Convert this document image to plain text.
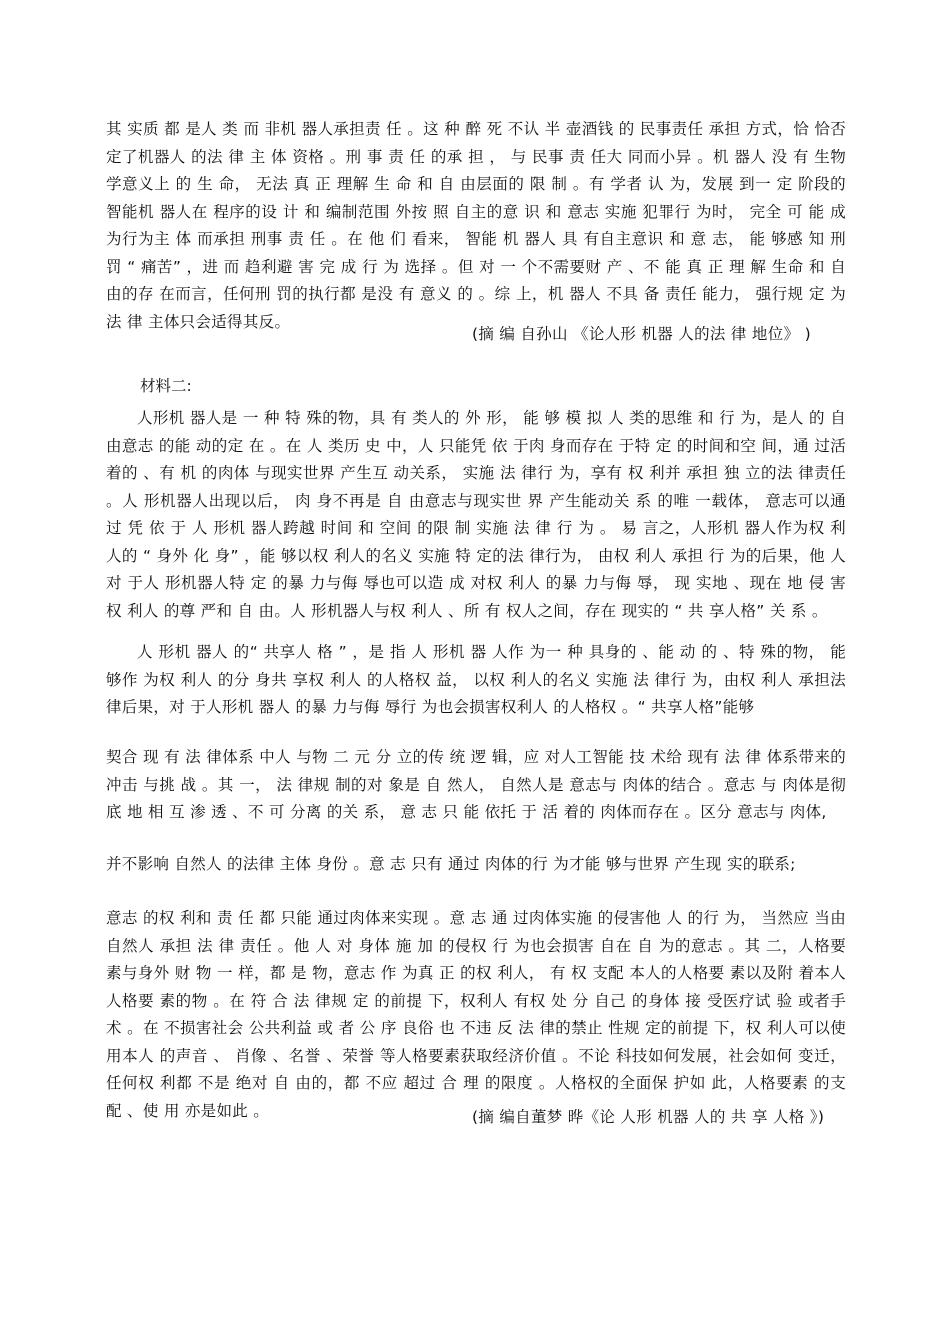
其 实质 都 是人 类 而 非机 器人承担责 任 。这 种 醉 死 不认 半 壶酒钱 的 民事责任 承担 方式，恰 恰否定了机器人 的法 律 主 体 资格 。刑 事 责 任 的承 担 ， 与 民事 责 任大 同而小异 。机 器人 没 有 生物学意义上 的 生 命， 无法 真 正 理解 生 命 和 自 由层面的 限 制 。有 学者 认 为，发展 到一 定 阶段的智能机 器人在 程序的设 计 和 编制范围 外按 照 自主的意 识 和 意志 实施 犯罪行 为时， 完全 可 能 成 为行为主 体 而承担 刑事 责 任 。在 他 们 看来， 智能 机 器人 具 有自主意识 和 意 志， 能 够感 知 刑罚 “ 痛苦” ，进 而 趋利避 害 完 成 行 为 选择 。但 对 一 个不需要财 产 、不 能 真 正 理 解 生命 和 自 由的存 在而言，任何刑 罚的执行都 是没 有 意义 的 。综 上，机 器人 不具 备 责任 能力， 强行规 定 为法 律 主体只会适得其反。
(摘 编 自孙山 《论人形 机器 人的法 律 地位》 )
材料二:
人形机 器人是 一 种 特 殊的物，具 有 类人的 外 形， 能 够 模 拟 人 类的思维 和 行 为，是人 的 自由意志 的能 动的定 在 。在 人 类历 史 中，人 只能凭 依 于肉 身而存在 于特 定 的时间和空 间，通 过活着的 、有 机 的肉体 与现实世界 产生互 动关系， 实施 法 律行 为，享有 权 利并 承担 独 立的法 律责任 。人 形机器人出现以后， 肉 身不再是 自 由意志与现实世 界 产生能动关 系 的唯 一载体， 意志可以通 过 凭 依 于 人 形机 器人跨越 时间 和 空间 的限 制 实施 法 律 行 为 。 易 言之，人形机 器人作为权 利人的 “ 身外 化 身” ，能 够以权 利人的名义 实施 特 定的法 律行为， 由权 利人 承担 行 为的后果，他 人对 于人 形机器人特 定 的暴 力与侮 辱也可以造 成 对权 利人 的暴 力与侮 辱， 现 实地 、现在 地 侵 害权 利人 的尊 严和 自 由。人 形机器人与权 利人 、所 有 权人之间，存在 现实的 “ 共 享人格” 关 系 。
人 形机 器人 的“ 共享人 格 ” ，是 指 人 形机 器 人作 为一 种 具身的 、能 动 的 、特 殊的物， 能够作 为权 利人 的分 身共 享权 利人 的人格权 益， 以权 利人的名义 实施 法 律行 为，由权 利人 承担法律后果，对 于人形机 器人 的暴 力与侮 辱行 为也会损害权利人 的人格权 。“ 共享人格”能够
契合 现 有 法 律体系 中人 与物 二 元 分 立的传 统 逻 辑，应 对人工智能 技 术给 现有 法 律 体系带来的冲击 与挑 战 。其 一， 法 律规 制的对 象是 自 然人， 自然人是 意志与 肉体的结合 。意志 与 肉体是彻底 地 相 互 渗 透 、不 可 分离 的关 系， 意 志 只 能 依托 于 活 着的 肉体而存在 。区分 意志与 肉体,
并不影响 自然人 的法律 主体 身份 。意 志 只有 通过 肉体的行 为才能 够与世界 产生现 实的联系;
意志 的权 利和 责 任 都 只能 通过肉体来实现 。意 志 通 过肉体实施 的侵害他 人 的行 为， 当然应 当由 自然人 承担 法 律 责任 。他 人 对 身体 施 加 的侵权 行 为也会损害 自在 自 为的意志 。其 二，人格要素与身外 财 物 一 样，都 是 物，意志 作 为真 正 的权 利人， 有 权 支配 本人的人格要 素以及附 着本人人格要 素的物 。在 符 合 法 律规 定 的前提 下，权利人 有权 处 分 自己 的身体 接 受医疗试 验 或者手 术 。在 不损害社会 公共利益 或 者 公 序 良俗 也 不违 反 法 律的禁止 性规 定的前提 下，权 利人可以使 用本人 的声音 、 肖像 、名誉 、荣誉 等人格要素获取经济价值 。不论 科技如何发展，社会如何 变迁，任何权 利都 不是 绝对 自 由的，都 不应 超过 合 理 的限度 。人格权的全面保 护如 此，人格要素 的支 配 、使 用 亦是如此 。	(摘 编自董梦 晔《论 人形 机器 人的 共 享 人格 》)
